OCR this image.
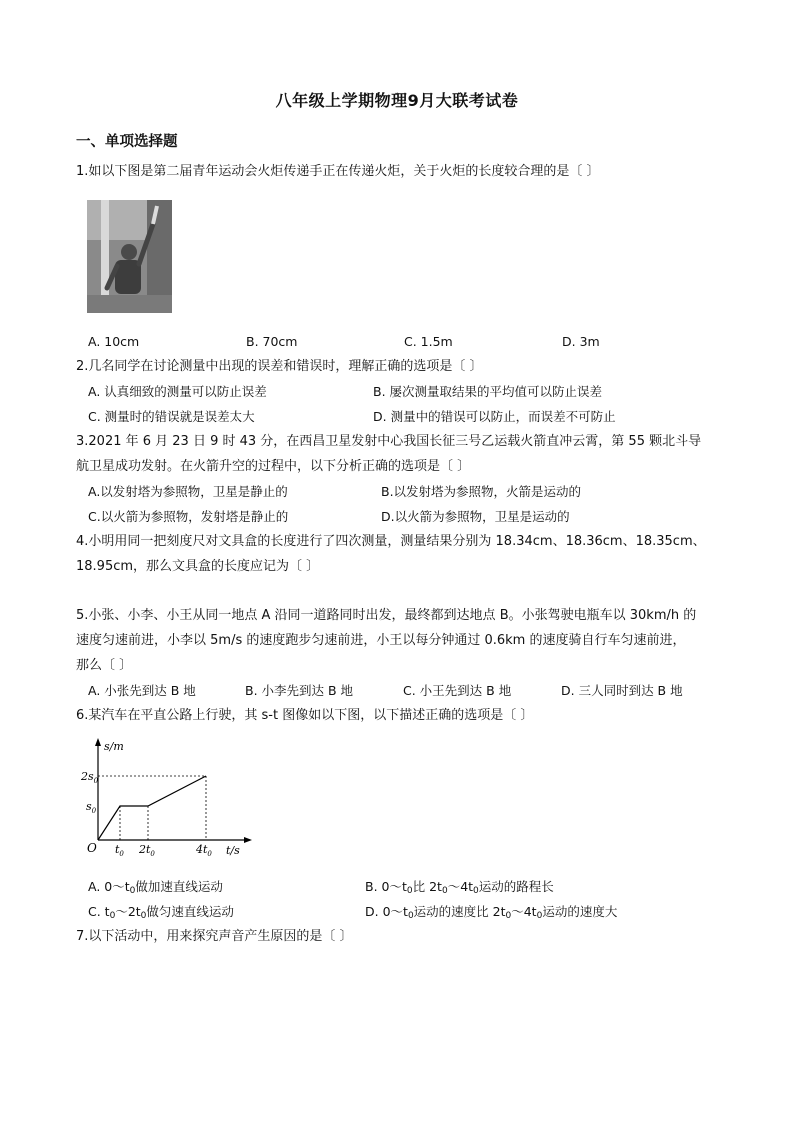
八年级上学期物理9月大联考试卷
一、单项选择题
1.如以下图是第二届青年运动会火炬传递手正在传递火炬，关于火炬的长度较合理的是〔 〕
A. 10cm	B. 70cm	C. 1.5m	D. 3m
2.几名同学在讨论测量中出现的误差和错误时，理解正确的选项是〔 〕
A. 认真细致的测量可以防止误差	B. 屡次测量取结果的平均值可以防止误差
C. 测量时的错误就是误差太大	D. 测量中的错误可以防止，而误差不可防止
3.2021 年 6 月 23 日 9 时 43 分，在西昌卫星发射中心我国长征三号乙运载火箭直冲云霄，第 55 颗北斗导
航卫星成功发射。在火箭升空的过程中，以下分析正确的选项是〔 〕
A.以发射塔为参照物，卫星是静止的	B.以发射塔为参照物，火箭是运动的
C.以火箭为参照物，发射塔是静止的	D.以火箭为参照物，卫星是运动的
4.小明用同一把刻度尺对文具盒的长度进行了四次测量，测量结果分别为 18.34cm、18.36cm、18.35cm、
18.95cm，那么文具盒的长度应记为〔 〕
5.小张、小李、小王从同一地点 A 沿同一道路同时出发，最终都到达地点 B。小张驾驶电瓶车以 30km/h 的
速度匀速前进，小李以 5m/s 的速度跑步匀速前进，小王以每分钟通过 0.6km 的速度骑自行车匀速前进，
那么〔 〕
A. 小张先到达 B 地	B. 小李先到达 B 地	C. 小王先到达 B 地	D. 三人同时到达 B 地
6.某汽车在平直公路上行驶，其 s-t 图像如以下图，以下描述正确的选项是〔 〕
s/m
t/s
O
$2s_0$
$s_0$
$t_0$ $2t_0$	$4t_0$
A. $0\sim t_0$做加速直线运动	B. $0\sim t_0$比 $2t_0\sim 4t_0$运动的路程长
C. $t_0\sim 2t_0$做匀速直线运动	D. $0\sim t_0$运动的速度比 $2t_0\sim 4t_0$运动的速度大
7.以下活动中，用来探究声音产生原因的是〔 〕
